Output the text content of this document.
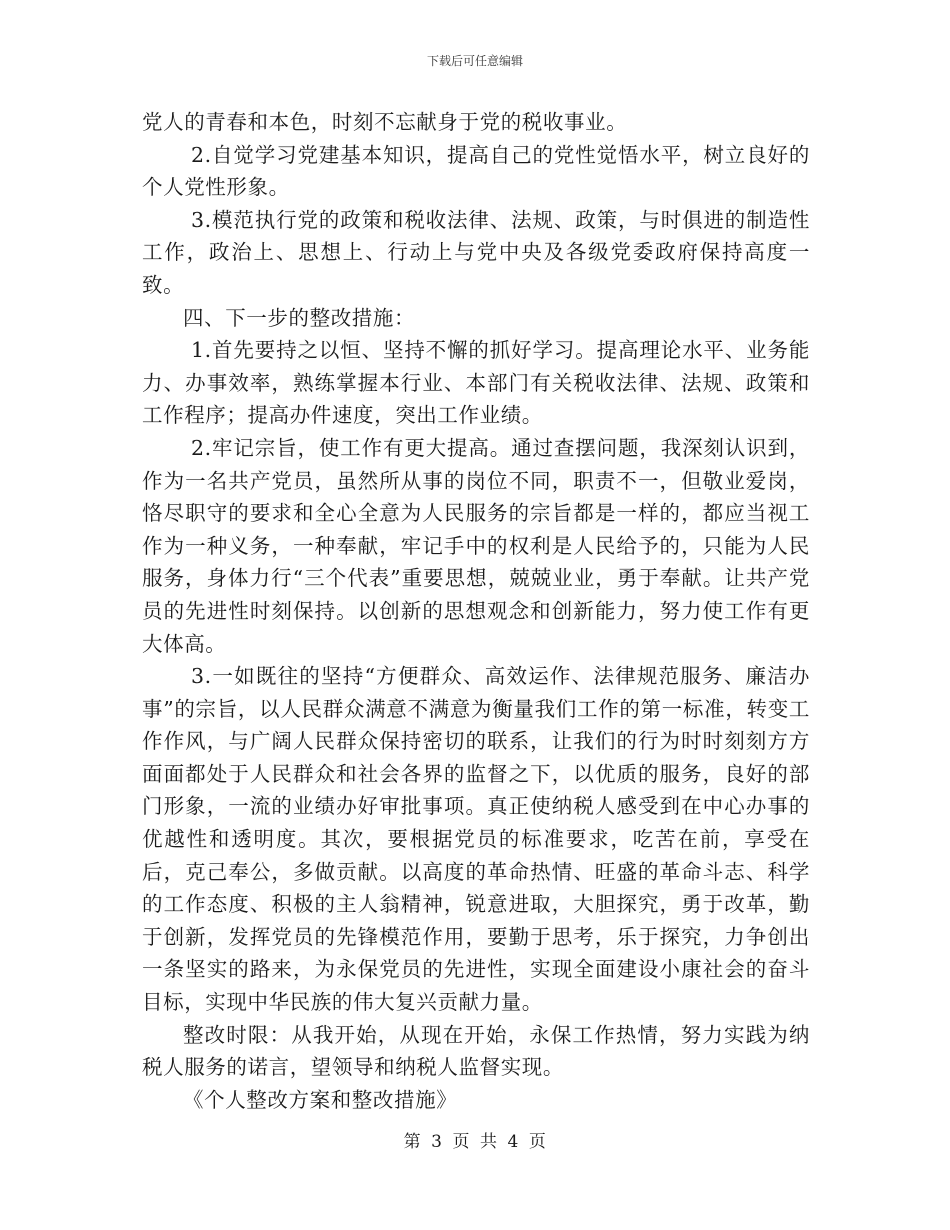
下载后可任意编辑

党人的青春和本色，时刻不忘献身于党的税收事业。

2.自觉学习党建基本知识，提高自己的党性觉悟水平，树立良好的个人党性形象。

3.模范执行党的政策和税收法律、法规、政策，与时俱进的制造性工作，政治上、思想上、行动上与党中央及各级党委政府保持高度一致。

四、下一步的整改措施：

1.首先要持之以恒、坚持不懈的抓好学习。提高理论水平、业务能力、办事效率，熟练掌握本行业、本部门有关税收法律、法规、政策和工作程序；提高办件速度，突出工作业绩。

2.牢记宗旨，使工作有更大提高。通过查摆问题，我深刻认识到，作为一名共产党员，虽然所从事的岗位不同，职责不一，但敬业爱岗，恪尽职守的要求和全心全意为人民服务的宗旨都是一样的，都应当视工作为一种义务，一种奉献，牢记手中的权利是人民给予的，只能为人民服务，身体力行“三个代表”重要思想，兢兢业业，勇于奉献。让共产党员的先进性时刻保持。以创新的思想观念和创新能力，努力使工作有更大体高。

3.一如既往的坚持“方便群众、高效运作、法律规范服务、廉洁办事”的宗旨，以人民群众满意不满意为衡量我们工作的第一标准，转变工作作风，与广阔人民群众保持密切的联系，让我们的行为时时刻刻方方面面都处于人民群众和社会各界的监督之下，以优质的服务，良好的部门形象，一流的业绩办好审批事项。真正使纳税人感受到在中心办事的优越性和透明度。其次，要根据党员的标准要求，吃苦在前，享受在后，克己奉公，多做贡献。以高度的革命热情、旺盛的革命斗志、科学的工作态度、积极的主人翁精神，锐意进取，大胆探究，勇于改革，勤于创新，发挥党员的先锋模范作用，要勤于思考，乐于探究，力争创出一条坚实的路来，为永保党员的先进性，实现全面建设小康社会的奋斗目标，实现中华民族的伟大复兴贡献力量。

整改时限：从我开始，从现在开始，永保工作热情，努力实践为纳税人服务的诺言，望领导和纳税人监督实现。

《个人整改方案和整改措施》

第 3 页 共 4 页
